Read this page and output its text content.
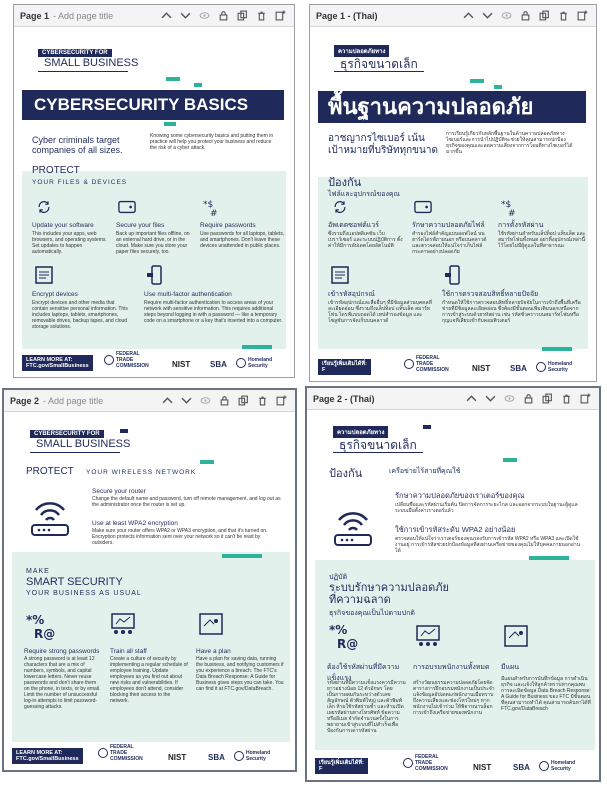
Page 1 - Add page title
CYBERSECURITY FOR
SMALL BUSINESS
CYBERSECURITY BASICS
Cyber criminals target companies of all sizes.
Knowing some cybersecurity basics and putting them in practice will help you protect your business and reduce the risk of a cyber attack.
PROTECT
YOUR FILES & DEVICES
Update your software
This includes your apps, web browsers, and operating systems. Set updates to happen automatically.
Secure your files
Back up important files offline, on an external hard drive, or in the cloud. Make sure you store your paper files securely, too.
*$
#
Require passwords
Use passwords for all laptops, tablets, and smartphones. Don't leave these devices unattended in public places.
Encrypt devices
Encrypt devices and other media that contain sensitive personal information. This includes laptops, tablets, smartphones, removable drives, backup tapes, and cloud storage solutions.
Use multi-factor authentication
Require multi-factor authentication to access areas of your network with sensitive information. This requires additional steps beyond logging in with a password — like a temporary code on a smartphone or a key that's inserted into a computer.
LEARN MORE AT:
FTC.gov/SmallBusiness
FEDERAL TRADE COMMISSION	NIST SBA	Homeland Security
Page 1 - (Thai)
ความปลอดภัยทาง
ธุรกิจขนาดเล็ก
พื้นฐานความปลอดภัย
อาชญากรไซเบอร์ เน้นเป้าหมายที่บริษัททุกขนาด
การเรียนรู้เกี่ยวกับหลักพื้นฐานในด้านความปลอดภัยทางไซเบอร์และการนำไปปฏิบัติจะช่วยให้คุณสามารถปกป้องธุรกิจของคุณและลดความเสี่ยงจากการโจมตีทางไซเบอร์ได้มากขึ้น
ป้องกัน
ไฟล์และอุปกรณ์ของคุณ
อัพเดตซอฟต์แวร์
ซึ่งรวมถึงแอปพลิเคชัน เว็บเบราว์เซอร์ และระบบปฏิบัติการ ตั้งค่าให้มีการอัปเดตโดยอัตโนมัติ
รักษาความปลอดภัยไฟล์
สำรองไฟล์สำคัญแบบออฟไลน์ บนฮาร์ดไดรฟ์ภายนอก หรือบนคลาวด์ และตรวจสอบให้แน่ใจว่าเก็บไฟล์กระดาษอย่างปลอดภัย
*$
#
การตั้งรหัสผ่าน
ใช้รหัสผ่านสำหรับแล็ปท็อป แท็บเล็ต และสมาร์ทโฟนทั้งหมด อย่าทิ้งอุปกรณ์เหล่านี้ไว้โดยไม่มีผู้ดูแลในที่สาธารณะ
เข้ารหัสอุปกรณ์
เข้ารหัสอุปกรณ์และสื่ออื่นๆ ที่มีข้อมูลส่วนบุคคลที่ละเอียดอ่อน ซึ่งรวมถึงแล็ปท็อป แท็บเล็ต สมาร์ทโฟน ไดรฟ์แบบถอดได้ เทปสำรองข้อมูล และโซลูชันการจัดเก็บบนคลาวด์
ใช้การตรวจสอบสิทธิ์หลายปัจจัย
กำหนดให้ใช้การตรวจสอบสิทธิ์หลายปัจจัยในการเข้าถึงพื้นที่เครือข่ายที่มีข้อมูลละเอียดอ่อน ซึ่งต้องมีขั้นตอนเพิ่มเติมนอกเหนือจากการเข้าสู่ระบบด้วยรหัสผ่าน เช่น รหัสชั่วคราวบนสมาร์ทโฟนหรือกุญแจที่เสียบเข้ากับคอมพิวเตอร์
เรียนรู้เพิ่มเติมได้ที่:
F
FEDERAL TRADE COMMISSION	NIST SBA	Homeland Security
Page 2 - Add page title
CYBERSECURITY FOR
SMALL BUSINESS
PROTECT YOUR WIRELESS NETWORK
Secure your router
Change the default name and password, turn off remote management, and log out as the administrator once the router is set up.
Use at least WPA2 encryption
Make sure your router offers WPA2 or WPA3 encryption, and that it's turned on. Encryption protects information sent over your network so it can't be read by outsiders.
MAKE
SMART SECURITY
YOUR BUSINESS AS USUAL
*%
R@
Require strong passwords
A strong password is at least 12 characters that are a mix of numbers, symbols, and capital lowercase letters. Never reuse passwords and don't share them on the phone, in texts, or by email. Limit the number of unsuccessful log-in attempts to limit password-guessing attacks.
Train all staff
Create a culture of security by implementing a regular schedule of employee training. Update employees as you find out about new risks and vulnerabilities. If employees don't attend, consider blocking their access to the network.
Have a plan
Have a plan for saving data, running the business, and notifying customers if you experience a breach. The FTC's Data Breach Response: A Guide for Business gives steps you can take. You can find it at FTC.gov/DataBreach.
LEARN MORE AT:
FTC.gov/SmallBusiness
FEDERAL TRADE COMMISSION	NIST	SBA	Homeland Security
Page 2 - (Thai)
ความปลอดภัยทาง
ธุรกิจขนาดเล็ก
ป้องกัน	เครือข่ายไร้สายที่คุณใช้
รักษาความปลอดภัยของเราเตอร์ของคุณ
เปลี่ยนชื่อและรหัสผ่านเริ่มต้น ปิดการจัดการระยะไกล และออกจากระบบในฐานะผู้ดูแลระบบเมื่อตั้งค่าเราเตอร์แล้ว
ใช้การเข้ารหัสระดับ WPA2 อย่างน้อย
ตรวจสอบให้แน่ใจว่าเราเตอร์ของคุณรองรับการเข้ารหัส WPA2 หรือ WPA3 และเปิดใช้งานอยู่ การเข้ารหัสช่วยปกป้องข้อมูลที่ส่งผ่านเครือข่ายของคุณไม่ให้บุคคลภายนอกอ่านได้
ปฏิบัติ
ระบบรักษาความปลอดภัยที่ความฉลาด
ธุรกิจของคุณเป็นไปตามปกติ
*%
R@
ต้องใช้รหัสผ่านที่มีความแข็งแรง
รหัสผ่านที่มีความแข็งแรงควรมีความยาวอย่างน้อย 12 ตัวอักษร โดยเป็นการผสมกันระหว่างตัวเลข สัญลักษณ์ ตัวพิมพ์ใหญ่ และตัวพิมพ์เล็ก ห้ามใช้รหัสผ่านซ้ำ และห้ามเปิดเผยรหัสผ่านทางโทรศัพท์ ข้อความ หรืออีเมล จำกัดจำนวนครั้งในการพยายามเข้าสู่ระบบที่ไม่สำเร็จเพื่อป้องกันการเดารหัสผ่าน
การอบรมพนักงานทั้งหมด
สร้างวัฒนธรรมความปลอดภัยโดยจัดตารางการฝึกอบรมพนักงานเป็นประจำ แจ้งข้อมูลอัปเดตแก่พนักงานเมื่อทราบถึงความเสี่ยงและช่องโหว่ใหม่ๆ หากพนักงานไม่เข้าร่วม ให้พิจารณาบล็อกการเข้าถึงเครือข่ายของพนักงาน
มีแผน
มีแผนสำหรับการบันทึกข้อมูล การดำเนินธุรกิจ และแจ้งให้ลูกค้าทราบหากคุณพบการละเมิดข้อมูล Data Breach Response: A Guide for Business ของ FTC มีขั้นตอนที่คุณสามารถทำได้ คุณสามารถค้นหาได้ที่ FTC.gov/DataBreach
เรียนรู้เพิ่มเติมได้ที่:
F
FEDERAL TRADE COMMISSION	NIST	SBA	Homeland Security
